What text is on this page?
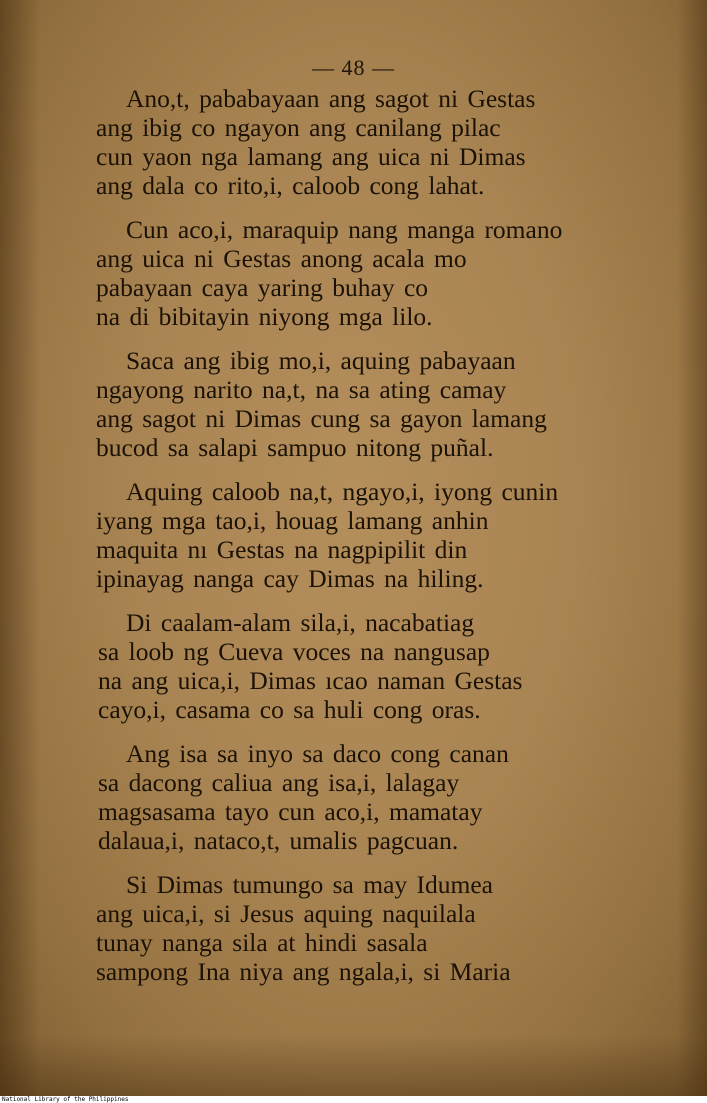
— 48 —
Ano,t, pababayaan ang sagot ni Gestas
ang ibig co ngayon ang canilang pilac
cun yaon nga lamang ang uica ni Dimas
ang dala co rito,i, caloob cong lahat.
Cun aco,i, maraquip nang manga romano
ang uica ni Gestas anong acala mo
pabayaan caya yaring buhay co
na di bibitayin niyong mga lilo.
Saca ang ibig mo,i, aquing pabayaan
ngayong narito na,t, na sa ating camay
ang sagot ni Dimas cung sa gayon lamang
bucod sa salapi sampuo nitong puñal.
Aquing caloob na,t, ngayo,i, iyong cunin
iyang mga tao,i, houag lamang anhin
maquita nı Gestas na nagpipilit din
ipinayag nanga cay Dimas na hiling.
Di caalam-alam sila,i, nacabatiag
sa loob ng Cueva voces na nangusap
na ang uica,i, Dimas ıcao naman Gestas
cayo,i, casama co sa huli cong oras.
Ang isa sa inyo sa daco cong canan
sa dacong caliua ang isa,i, lalagay
magsasama tayo cun aco,i, mamatay
dalaua,i, nataco,t, umalis pagcuan.
Si Dimas tumungo sa may Idumea
ang uica,i, si Jesus aquing naquilala
tunay nanga sila at hindi sasala
sampong Ina niya ang ngala,i, si Maria
National Library of the Philippines
